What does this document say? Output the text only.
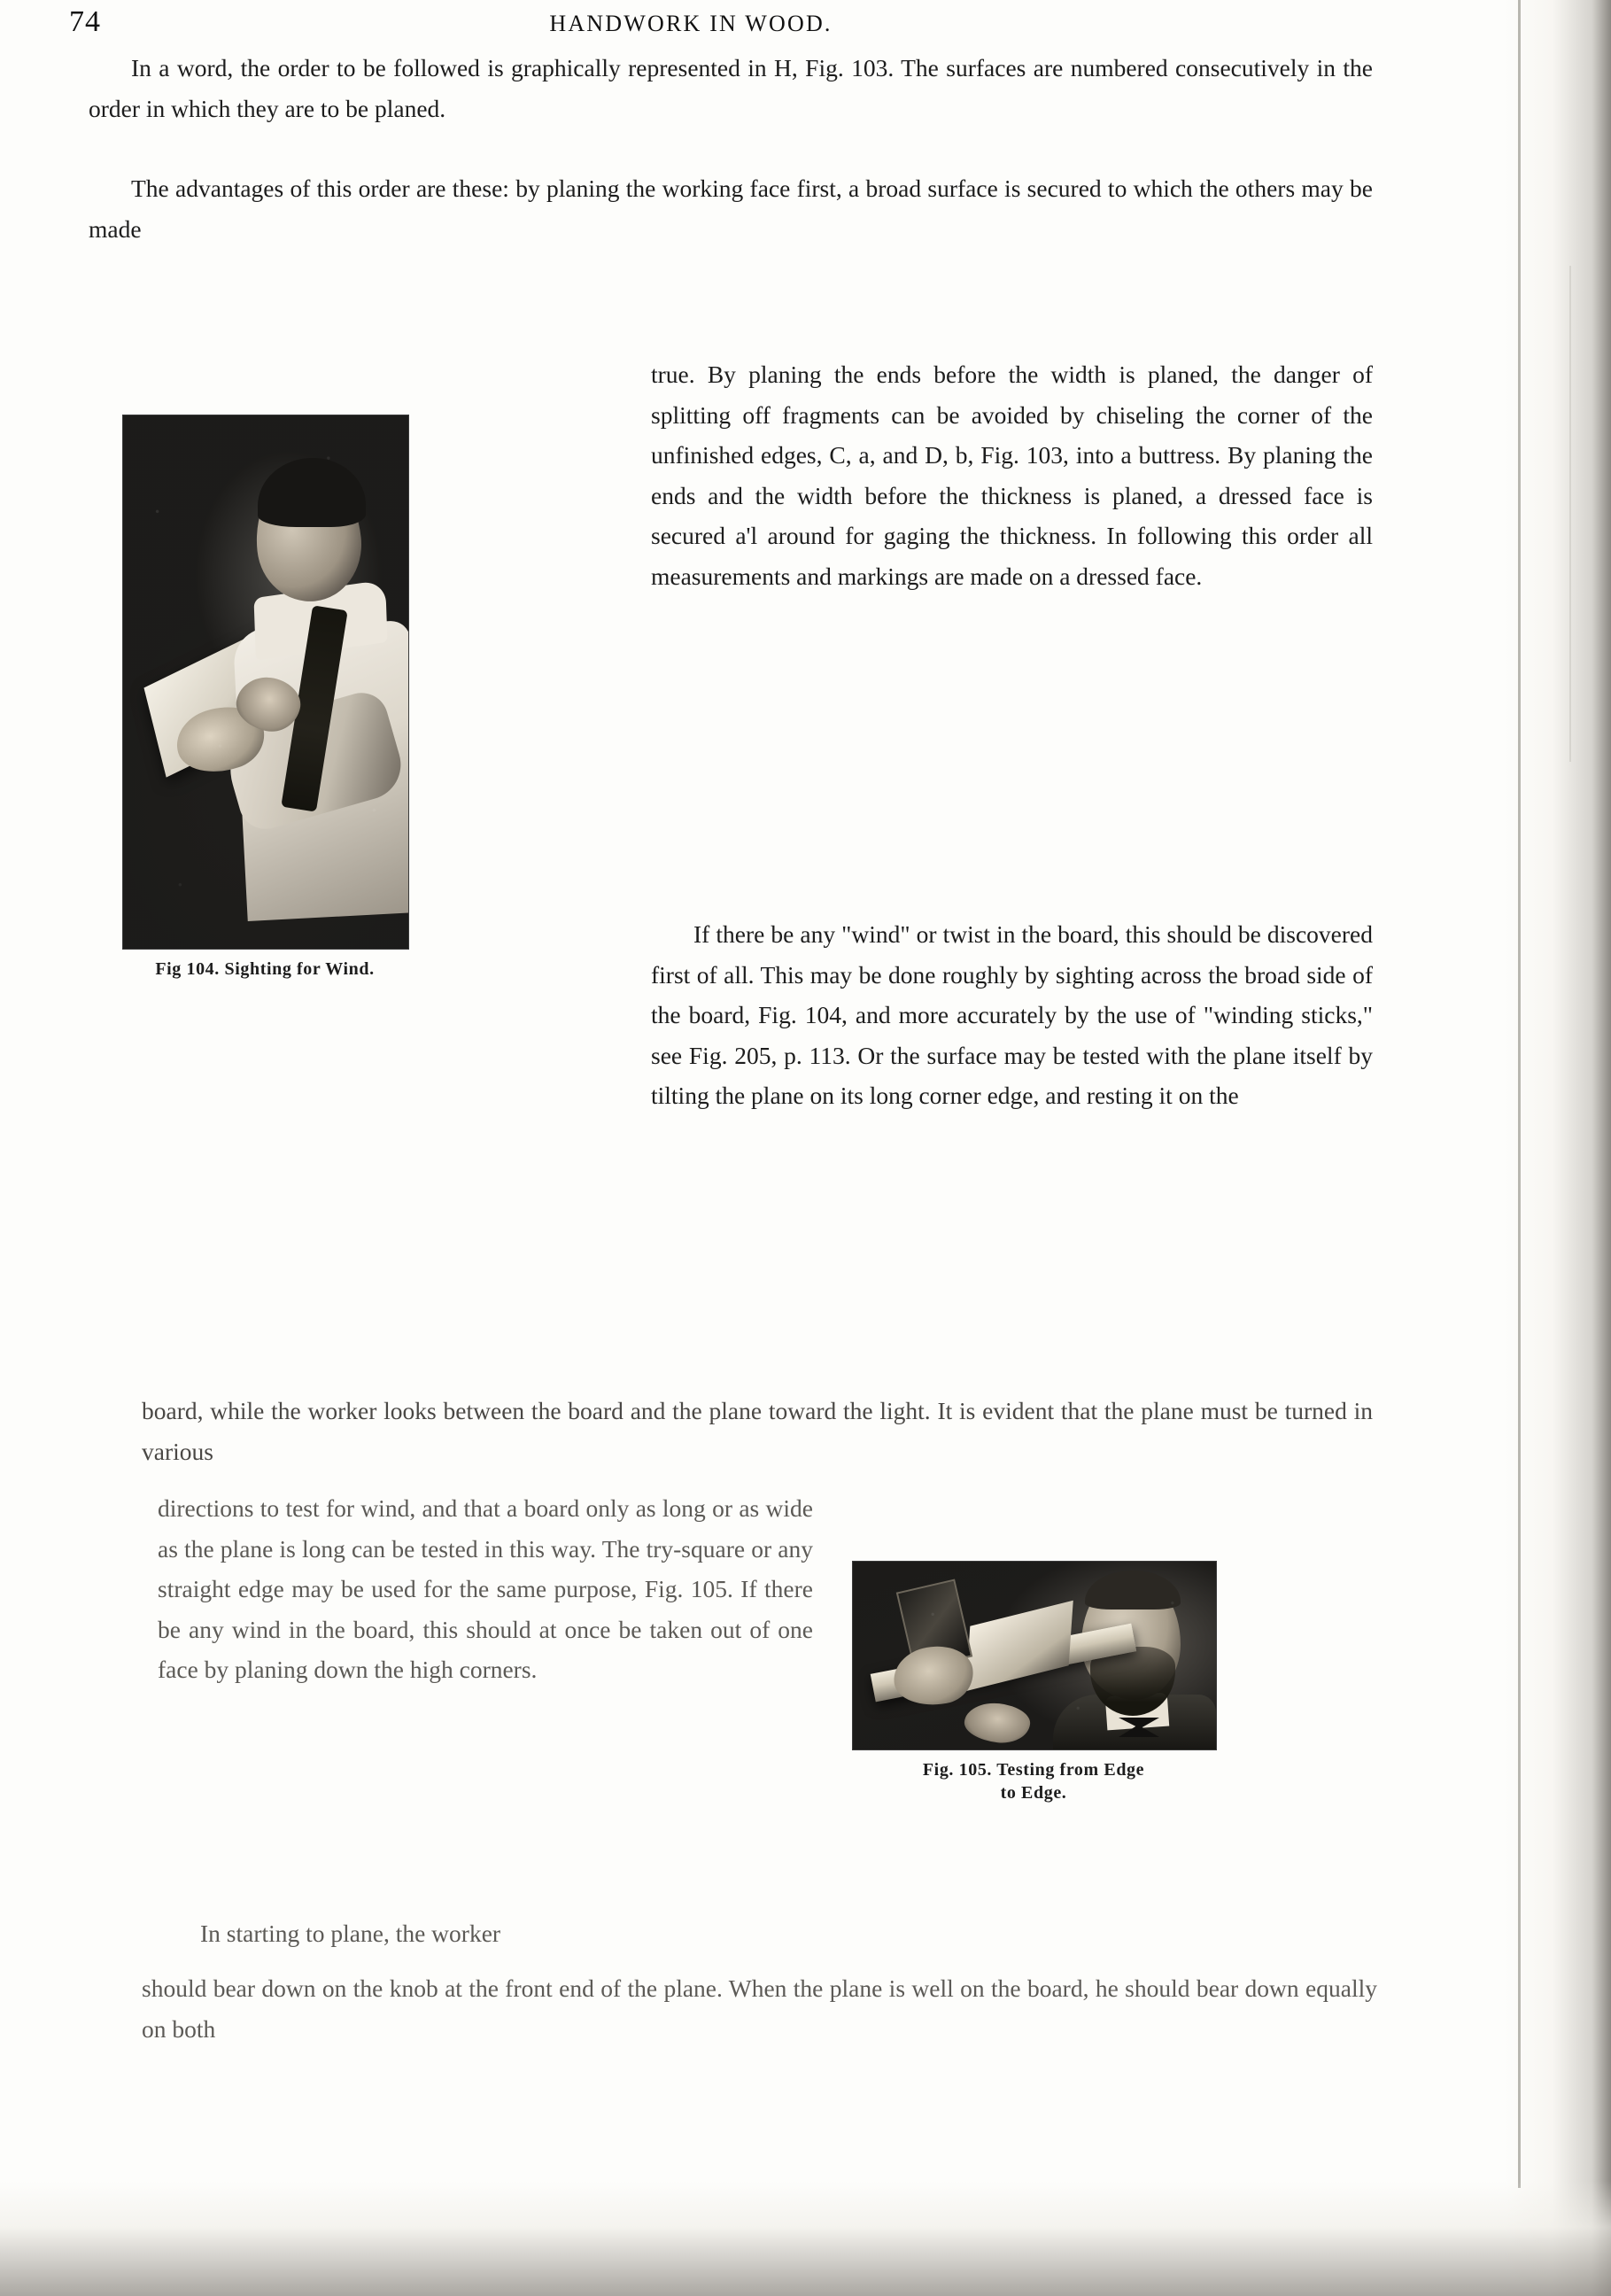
74	HANDWORK IN WOOD.

In a word, the order to be followed is graphically represented in H, Fig. 103. The surfaces are numbered consecutively in the order in which they are to be planed.

The advantages of this order are these: by planing the working face first, a broad surface is secured to which the others may be made

Fig 104. Sighting for Wind.

true. By planing the ends before the width is planed, the danger of splitting off fragments can be avoided by chiseling the corner of the unfinished edges, C, a, and D, b, Fig. 103, into a buttress. By planing the ends and the width before the thickness is planed, a dressed face is secured a'l around for gaging the thickness. In following this order all measurements and markings are made on a dressed face.

If there be any "wind" or twist in the board, this should be discovered first of all. This may be done roughly by sighting across the broad side of the board, Fig. 104, and more accurately by the use of "winding sticks," see Fig. 205, p. 113. Or the surface may be tested with the plane itself by tilting the plane on its long corner edge, and resting it on the

board, while the worker looks between the board and the plane toward the light. It is evident that the plane must be turned in various

directions to test for wind, and that a board only as long or as wide as the plane is long can be tested in this way. The try-square or any straight edge may be used for the same purpose, Fig. 105. If there be any wind in the board, this should at once be taken out of one face by planing down the high corners.

Fig. 105. Testing from Edge
to Edge.

In starting to plane, the worker

should bear down on the knob at the front end of the plane. When the plane is well on the board, he should bear down equally on both
